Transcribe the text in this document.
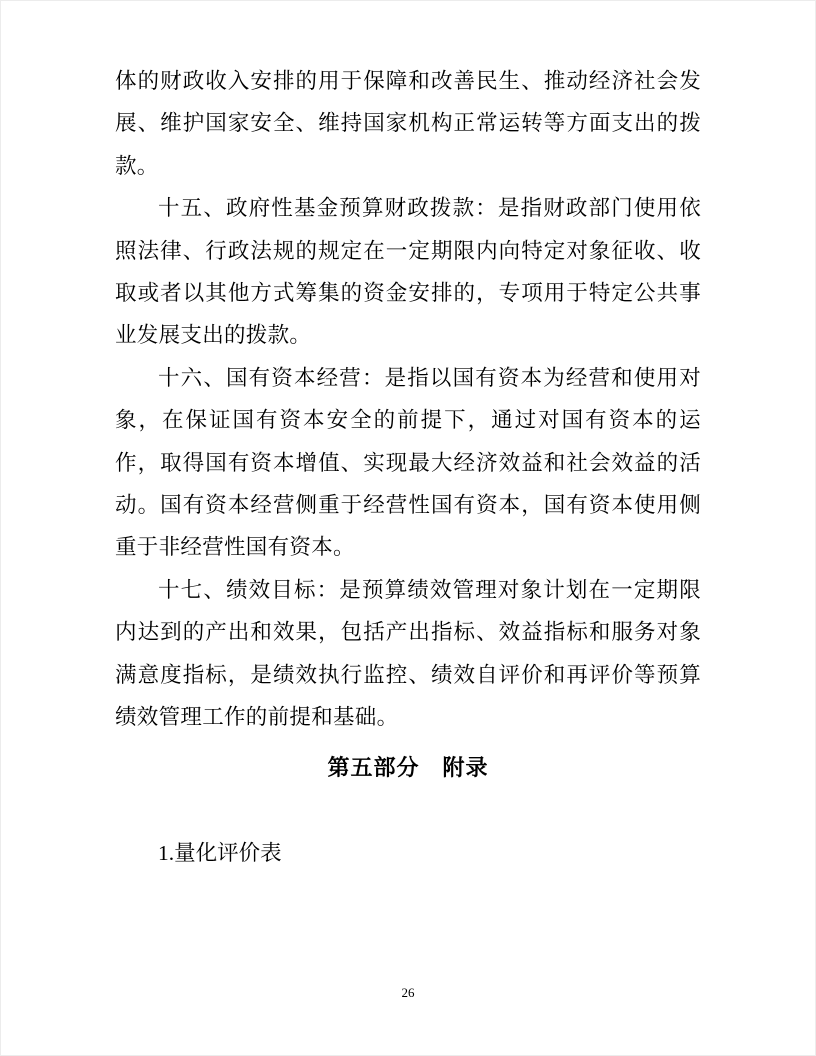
体的财政收入安排的用于保障和改善民生、推动经济社会发展、维护国家安全、维持国家机构正常运转等方面支出的拨款。

十五、政府性基金预算财政拨款：是指财政部门使用依照法律、行政法规的规定在一定期限内向特定对象征收、收取或者以其他方式筹集的资金安排的，专项用于特定公共事业发展支出的拨款。

十六、国有资本经营：是指以国有资本为经营和使用对象，在保证国有资本安全的前提下，通过对国有资本的运作，取得国有资本增值、实现最大经济效益和社会效益的活动。国有资本经营侧重于经营性国有资本，国有资本使用侧重于非经营性国有资本。

十七、绩效目标：是预算绩效管理对象计划在一定期限内达到的产出和效果，包括产出指标、效益指标和服务对象满意度指标，是绩效执行监控、绩效自评价和再评价等预算绩效管理工作的前提和基础。

第五部分　附录

1.量化评价表

26
